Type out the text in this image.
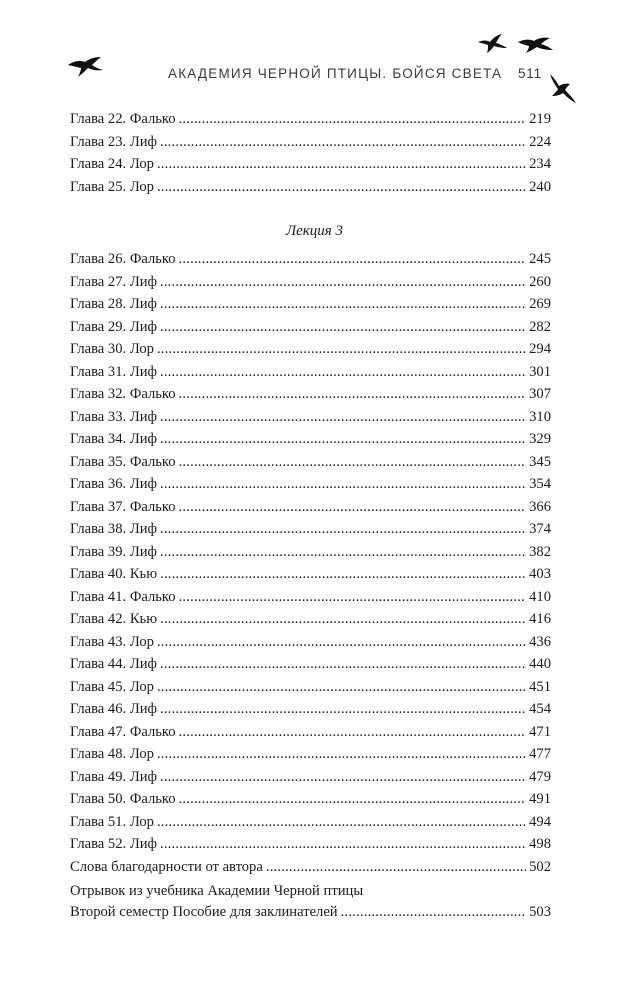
АКАДЕМИЯ ЧЕРНОЙ ПТИЦЫ. БОЙСЯ СВЕТА 511
Глава 22. Фалько .....	219
Глава 23. Лиф .....	224
Глава 24. Лор .....	234
Глава 25. Лор .....	240
Лекция 3
Глава 26. Фалько .....	245
Глава 27. Лиф .....	260
Глава 28. Лиф .....	269
Глава 29. Лиф .....	282
Глава 30. Лор .....	294
Глава 31. Лиф .....	301
Глава 32. Фалько .....	307
Глава 33. Лиф .....	310
Глава 34. Лиф .....	329
Глава 35. Фалько .....	345
Глава 36. Лиф .....	354
Глава 37. Фалько .....	366
Глава 38. Лиф .....	374
Глава 39. Лиф .....	382
Глава 40. Кью .....	403
Глава 41. Фалько .....	410
Глава 42. Кью .....	416
Глава 43. Лор .....	436
Глава 44. Лиф .....	440
Глава 45. Лор .....	451
Глава 46. Лиф .....	454
Глава 47. Фалько .....	471
Глава 48. Лор .....	477
Глава 49. Лиф .....	479
Глава 50. Фалько .....	491
Глава 51. Лор .....	494
Глава 52. Лиф .....	498
Слова благодарности от автора .....	502
Отрывок из учебника Академии Черной птицы
Второй семестр Пособие для заклинателей .....	503
